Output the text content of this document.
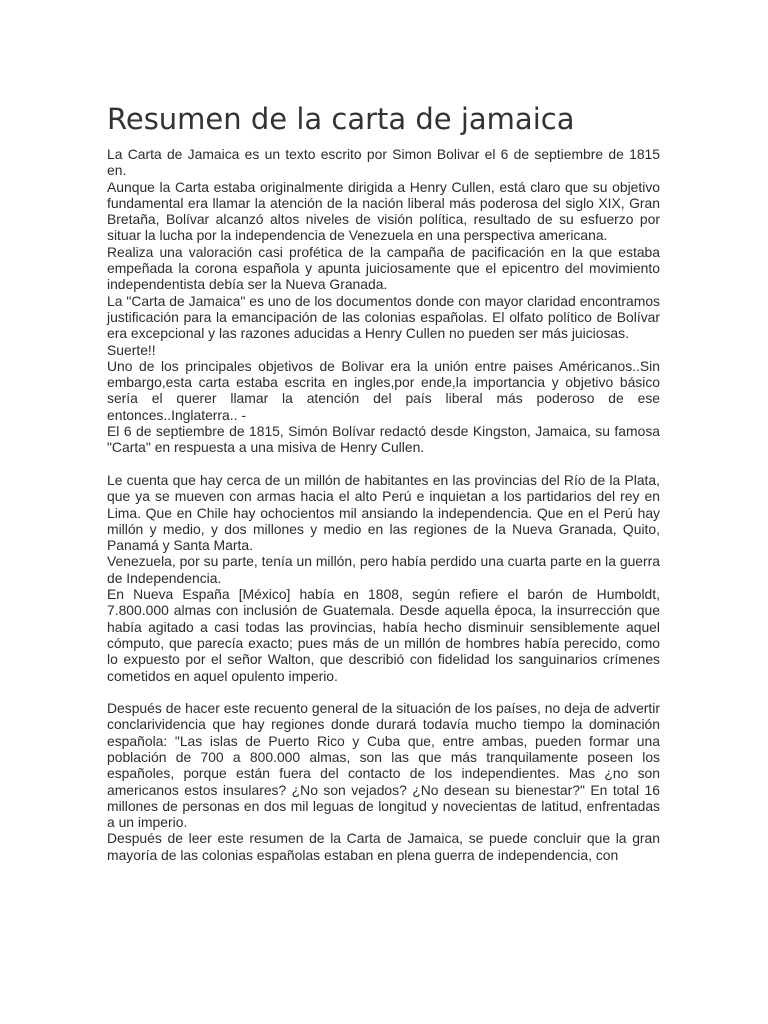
Resumen de la carta de jamaica

La Carta de Jamaica es un texto escrito por Simon Bolivar el 6 de septiembre de 1815 en.

Aunque la Carta estaba originalmente dirigida a Henry Cullen, está claro que su objetivo fundamental era llamar la atención de la nación liberal más poderosa del siglo XIX, Gran Bretaña, Bolívar alcanzó altos niveles de visión política, resultado de su esfuerzo por situar la lucha por la independencia de Venezuela en una perspectiva americana.

Realiza una valoración casi profética de la campaña de pacificación en la que estaba empeñada la corona española y apunta juiciosamente que el epicentro del movimiento independentista debía ser la Nueva Granada.

La "Carta de Jamaica" es uno de los documentos donde con mayor claridad encontramos justificación para la emancipación de las colonias españolas. El olfato político de Bolívar era excepcional y las razones aducidas a Henry Cullen no pueden ser más juiciosas.

Suerte!!

Uno de los principales objetivos de Bolivar era la unión entre paises Américanos..Sin embargo,esta carta estaba escrita en ingles,por ende,la importancia y objetivo básico sería el querer llamar la atención del país liberal más poderoso de ese entonces..Inglaterra.. -

El 6 de septiembre de 1815, Simón Bolívar redactó desde Kingston, Jamaica, su famosa "Carta" en respuesta a una misiva de Henry Cullen.

Le cuenta que hay cerca de un millón de habitantes en las provincias del Río de la Plata, que ya se mueven con armas hacia el alto Perú e inquietan a los partidarios del rey en Lima. Que en Chile hay ochocientos mil ansiando la independencia. Que en el Perú hay millón y medio, y dos millones y medio en las regiones de la Nueva Granada, Quito, Panamá y Santa Marta.

Venezuela, por su parte, tenía un millón, pero había perdido una cuarta parte en la guerra de Independencia.

En Nueva España [México] había en 1808, según refiere el barón de Humboldt, 7.800.000 almas con inclusión de Guatemala. Desde aquella época, la insurrección que había agitado a casi todas las provincias, había hecho disminuir sensiblemente aquel cómputo, que parecía exacto; pues más de un millón de hombres había perecido, como lo expuesto por el señor Walton, que describió con fidelidad los sanguinarios crímenes cometidos en aquel opulento imperio.

Después de hacer este recuento general de la situación de los países, no deja de advertir conclarividencia que hay regiones donde durará todavía mucho tiempo la dominación española: "Las islas de Puerto Rico y Cuba que, entre ambas, pueden formar una población de 700 a 800.000 almas, son las que más tranquilamente poseen los españoles, porque están fuera del contacto de los independientes. Mas ¿no son americanos estos insulares? ¿No son vejados? ¿No desean su bienestar?" En total 16 millones de personas en dos mil leguas de longitud y novecientas de latitud, enfrentadas a un imperio.

Después de leer este resumen de la Carta de Jamaica, se puede concluir que la gran mayoría de las colonias españolas estaban en plena guerra de independencia, con
